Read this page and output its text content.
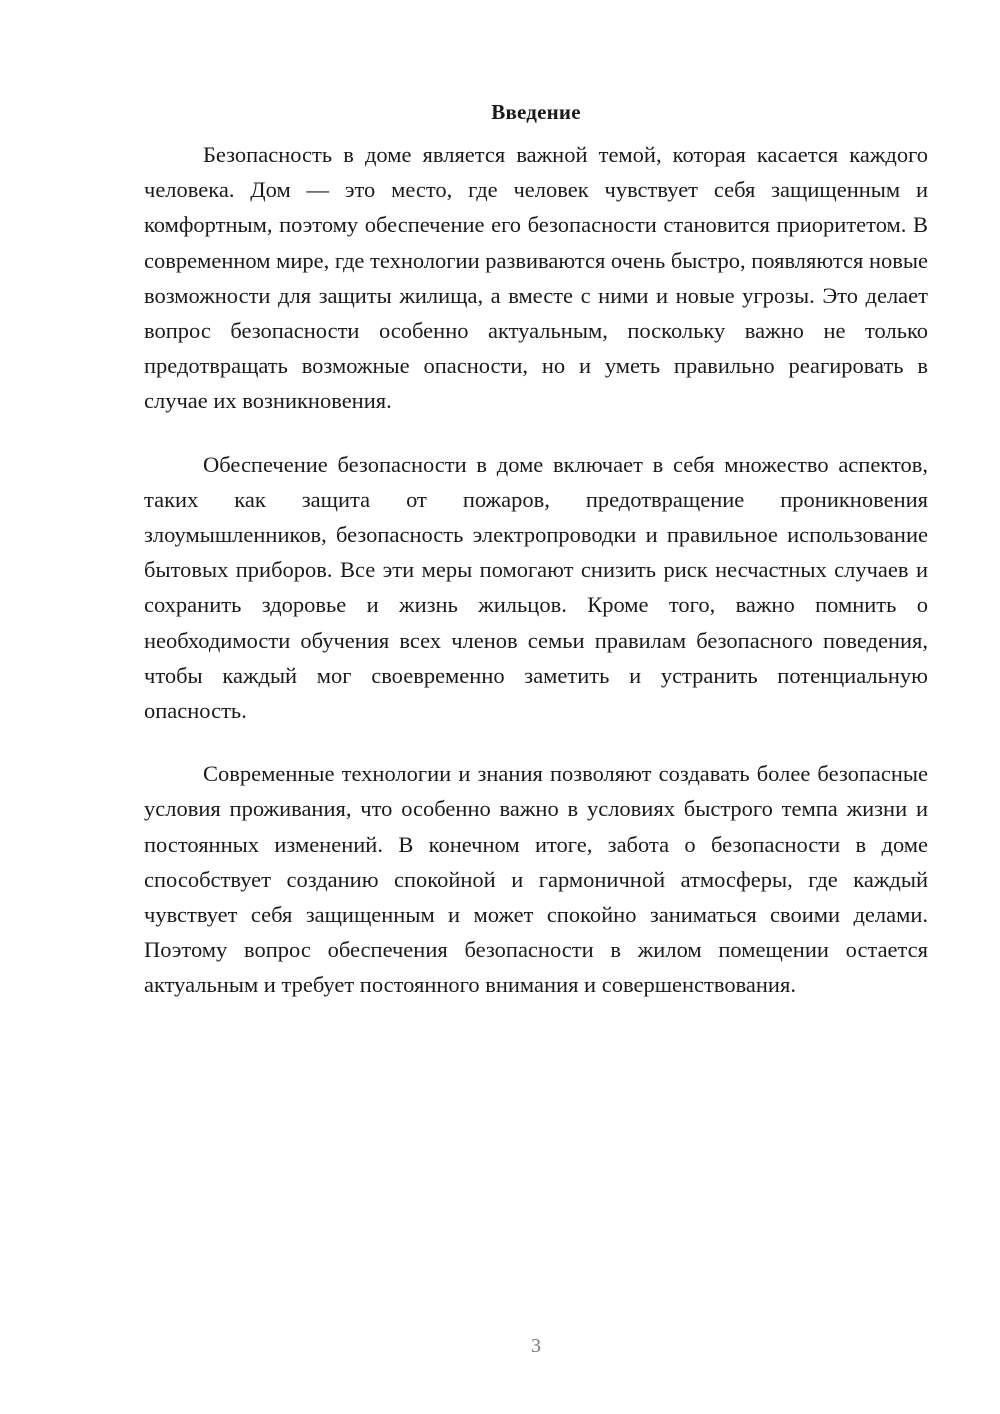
Введение

Безопасность в доме является важной темой, которая касается каждого человека. Дом — это место, где человек чувствует себя защищенным и комфортным, поэтому обеспечение его безопасности становится приоритетом. В современном мире, где технологии развиваются очень быстро, появляются новые возможности для защиты жилища, а вместе с ними и новые угрозы. Это делает вопрос безопасности особенно актуальным, поскольку важно не только предотвращать возможные опасности, но и уметь правильно реагировать в случае их возникновения.

Обеспечение безопасности в доме включает в себя множество аспектов, таких как защита от пожаров, предотвращение проникновения злоумышленников, безопасность электропроводки и правильное использование бытовых приборов. Все эти меры помогают снизить риск несчастных случаев и сохранить здоровье и жизнь жильцов. Кроме того, важно помнить о необходимости обучения всех членов семьи правилам безопасного поведения, чтобы каждый мог своевременно заметить и устранить потенциальную опасность.

Современные технологии и знания позволяют создавать более безопасные условия проживания, что особенно важно в условиях быстрого темпа жизни и постоянных изменений. В конечном итоге, забота о безопасности в доме способствует созданию спокойной и гармоничной атмосферы, где каждый чувствует себя защищенным и может спокойно заниматься своими делами. Поэтому вопрос обеспечения безопасности в жилом помещении остается актуальным и требует постоянного внимания и совершенствования.

3
